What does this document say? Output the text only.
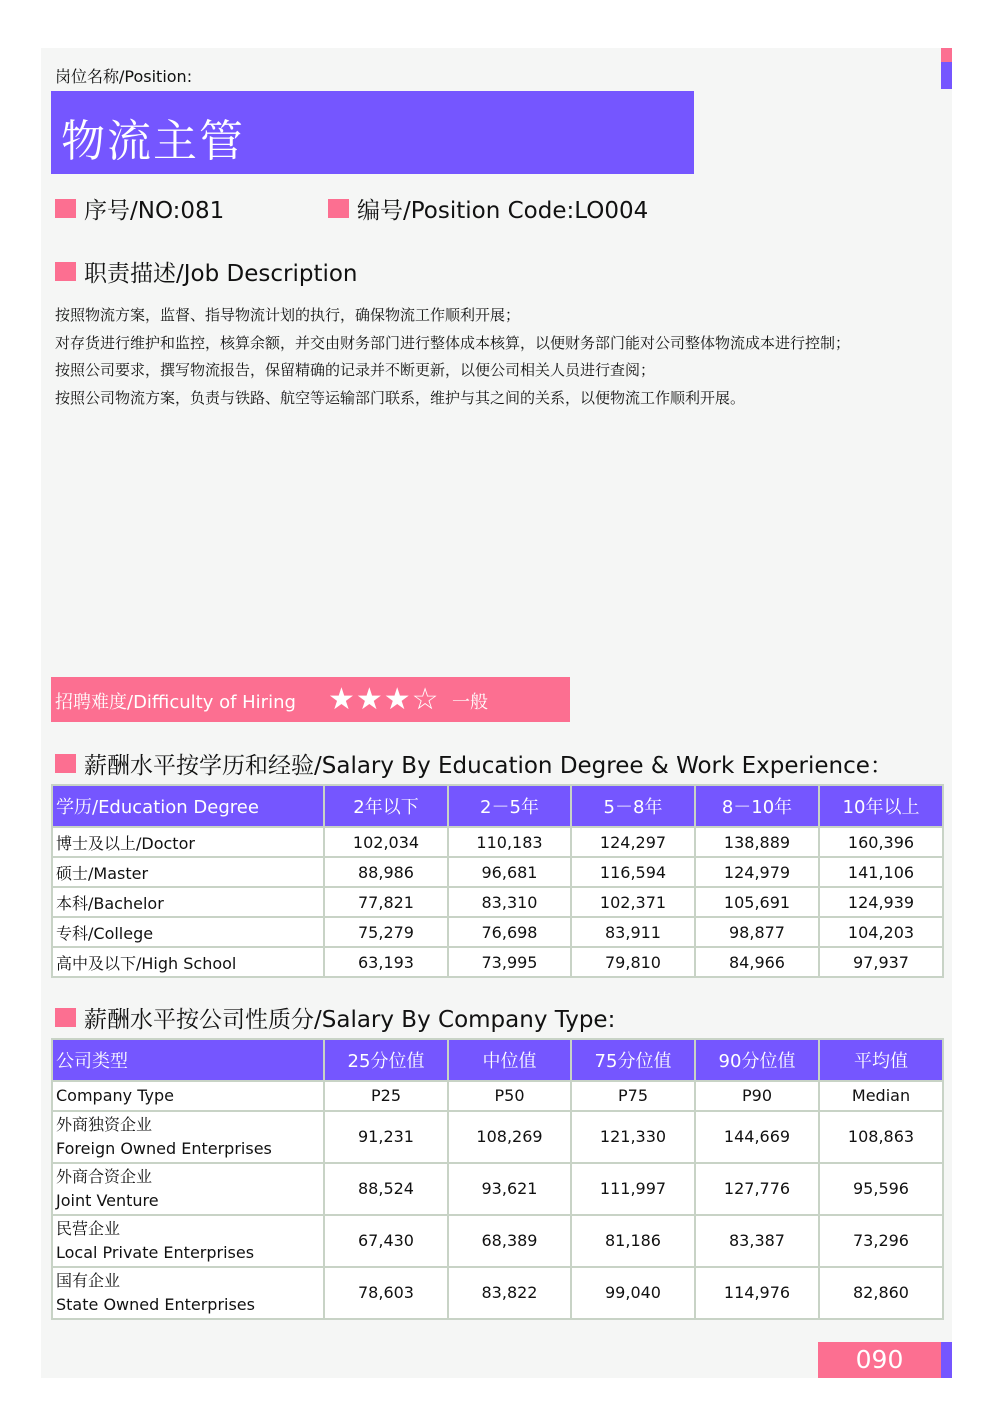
岗位名称/Position:
物流主管
序号/NO:081	编号/Position Code:LO004
职责描述/Job Description
按照物流方案，监督、指导物流计划的执行，确保物流工作顺利开展；
对存货进行维护和监控，核算余额，并交由财务部门进行整体成本核算，以便财务部门能对公司整体物流成本进行控制；
按照公司要求，撰写物流报告，保留精确的记录并不断更新，以便公司相关人员进行查阅；
按照公司物流方案，负责与铁路、航空等运输部门联系，维护与其之间的关系，以便物流工作顺利开展。
招聘难度/Difficulty of Hiring ★★★☆ 一般
薪酬水平按学历和经验/Salary By Education Degree & Work Experience：
学历/Education Degree	2年以下	2－5年	5－8年	8－10年	10年以上
博士及以上/Doctor	102,034	110,183	124,297	138,889	160,396
硕士/Master	88,986	96,681	116,594	124,979	141,106
本科/Bachelor	77,821	83,310	102,371	105,691	124,939
专科/College	75,279	76,698	83,911	98,877	104,203
高中及以下/High School	63,193	73,995	79,810	84,966	97,937
薪酬水平按公司性质分/Salary By Company Type:
公司类型	25分位值	中位值	75分位值	90分位值	平均值
Company Type	P25	P50	P75	P90	Median

外商独资企业
Foreign Owned Enterprises	91,231	108,269	121,330	144,669	108,863

外商合资企业
Joint Venture	88,524	93,621	111,997	127,776	95,596

民营企业
Local Private Enterprises	67,430	68,389	81,186	83,387	73,296

国有企业
State Owned Enterprises	78,603	83,822	99,040	114,976	82,860
090
